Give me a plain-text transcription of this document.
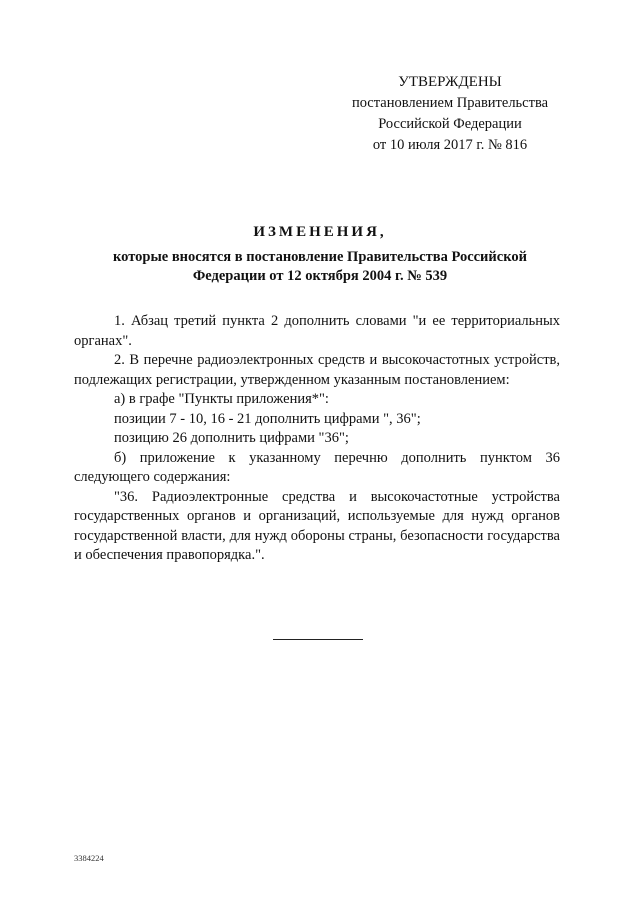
УТВЕРЖДЕНЫ
постановлением Правительства
Российской Федерации
от 10 июля 2017 г. № 816
ИЗМЕНЕНИЯ,
которые вносятся в постановление Правительства Российской
Федерации от 12 октября 2004 г. № 539

1. Абзац третий пункта 2 дополнить словами "и ее территориальных органах".

2. В перечне радиоэлектронных средств и высокочастотных устройств, подлежащих регистрации, утвержденном указанным постановлением:

а) в графе "Пункты приложения*":

позиции 7 - 10, 16 - 21 дополнить цифрами ", 36";

позицию 26 дополнить цифрами "36";

б) приложение к указанному перечню дополнить пунктом 36 следующего содержания:

"36. Радиоэлектронные средства и высокочастотные устройства государственных органов и организаций, используемые для нужд органов государственной власти, для нужд обороны страны, безопасности государства и обеспечения правопорядка.".

3384224
